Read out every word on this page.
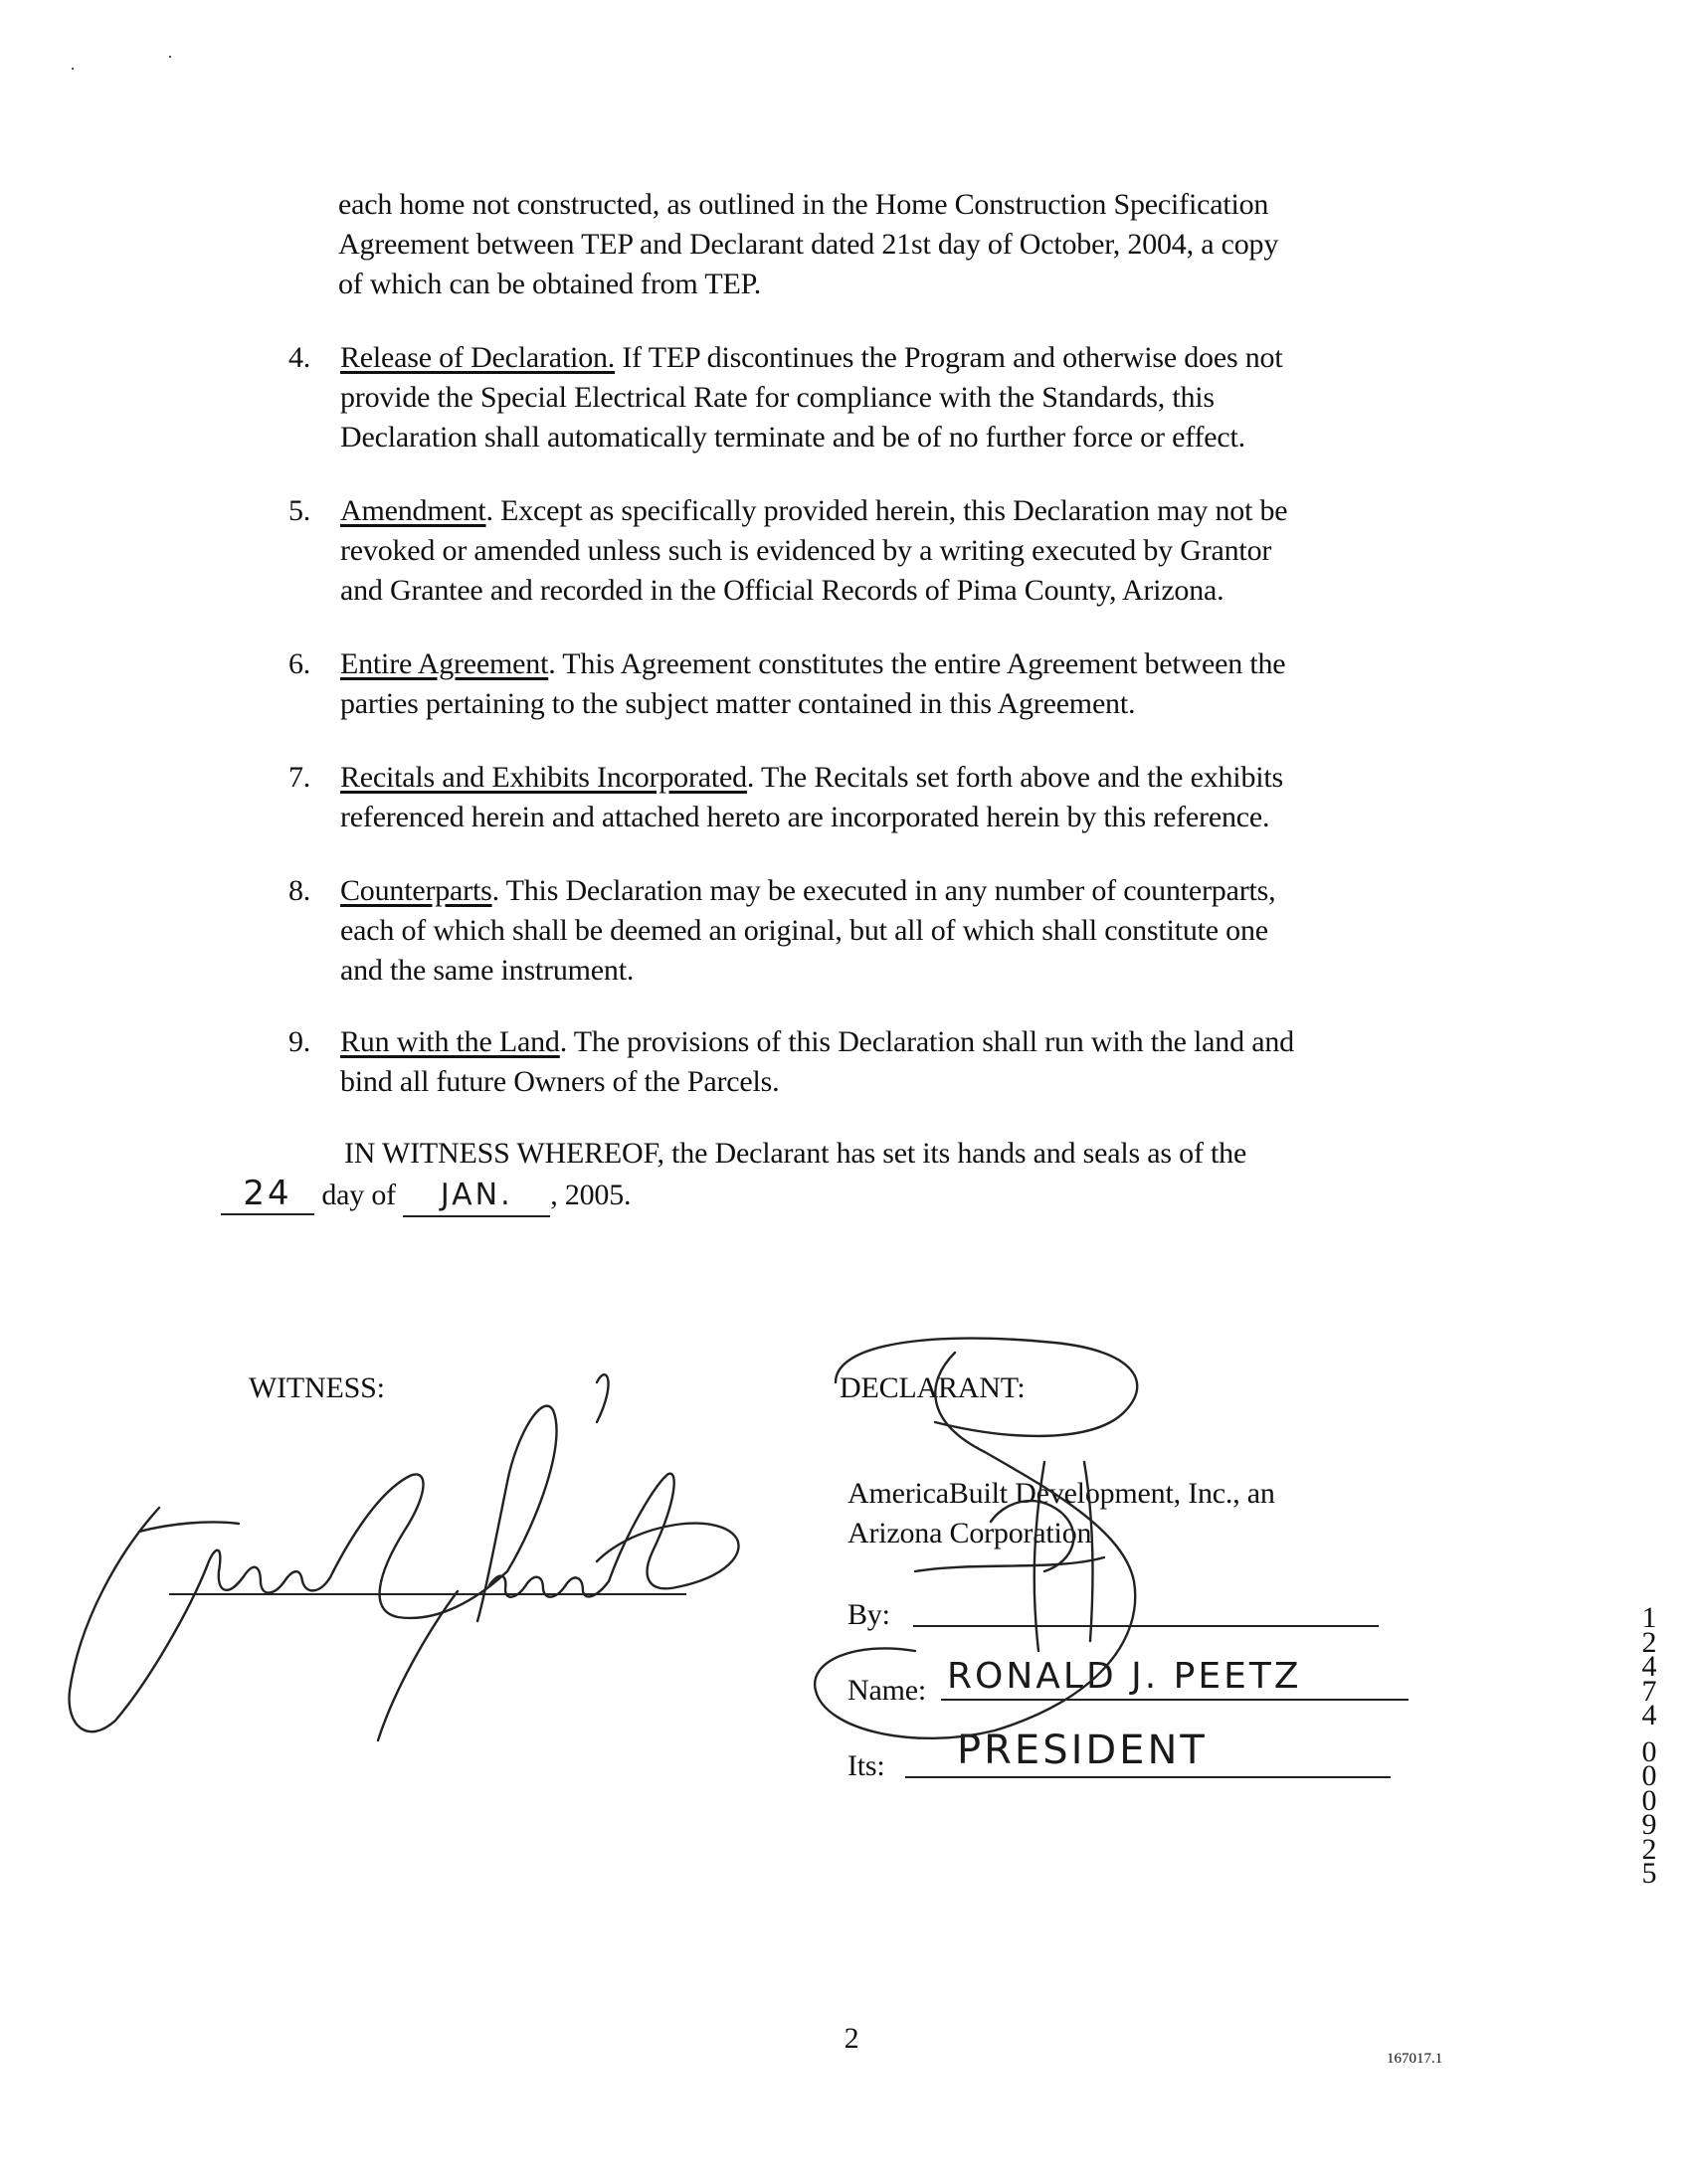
each home not constructed, as outlined in the Home Construction Specification
Agreement between TEP and Declarant dated 21st day of October, 2004, a copy
of which can be obtained from TEP.
4. Release of Declaration. If TEP discontinues the Program and otherwise does not
provide the Special Electrical Rate for compliance with the Standards, this
Declaration shall automatically terminate and be of no further force or effect.
5. Amendment. Except as specifically provided herein, this Declaration may not be
revoked or amended unless such is evidenced by a writing executed by Grantor
and Grantee and recorded in the Official Records of Pima County, Arizona.
6. Entire Agreement. This Agreement constitutes the entire Agreement between the
parties pertaining to the subject matter contained in this Agreement.
7. Recitals and Exhibits Incorporated. The Recitals set forth above and the exhibits
referenced herein and attached hereto are incorporated herein by this reference.
8. Counterparts. This Declaration may be executed in any number of counterparts,
each of which shall be deemed an original, but all of which shall constitute one
and the same instrument.
9. Run with the Land. The provisions of this Declaration shall run with the land and
bind all future Owners of the Parcels.
IN WITNESS WHEREOF, the Declarant has set its hands and seals as of the
24 day of JAN. , 2005.
WITNESS:	DECLARANT:
AmericaBuilt Development, Inc., an
Arizona Corporation
By:
Name: RONALD J. PEETZ
Its: PRESIDENT
1
2
4
7
4
0
0
0
9
2
5
2
167017.1
